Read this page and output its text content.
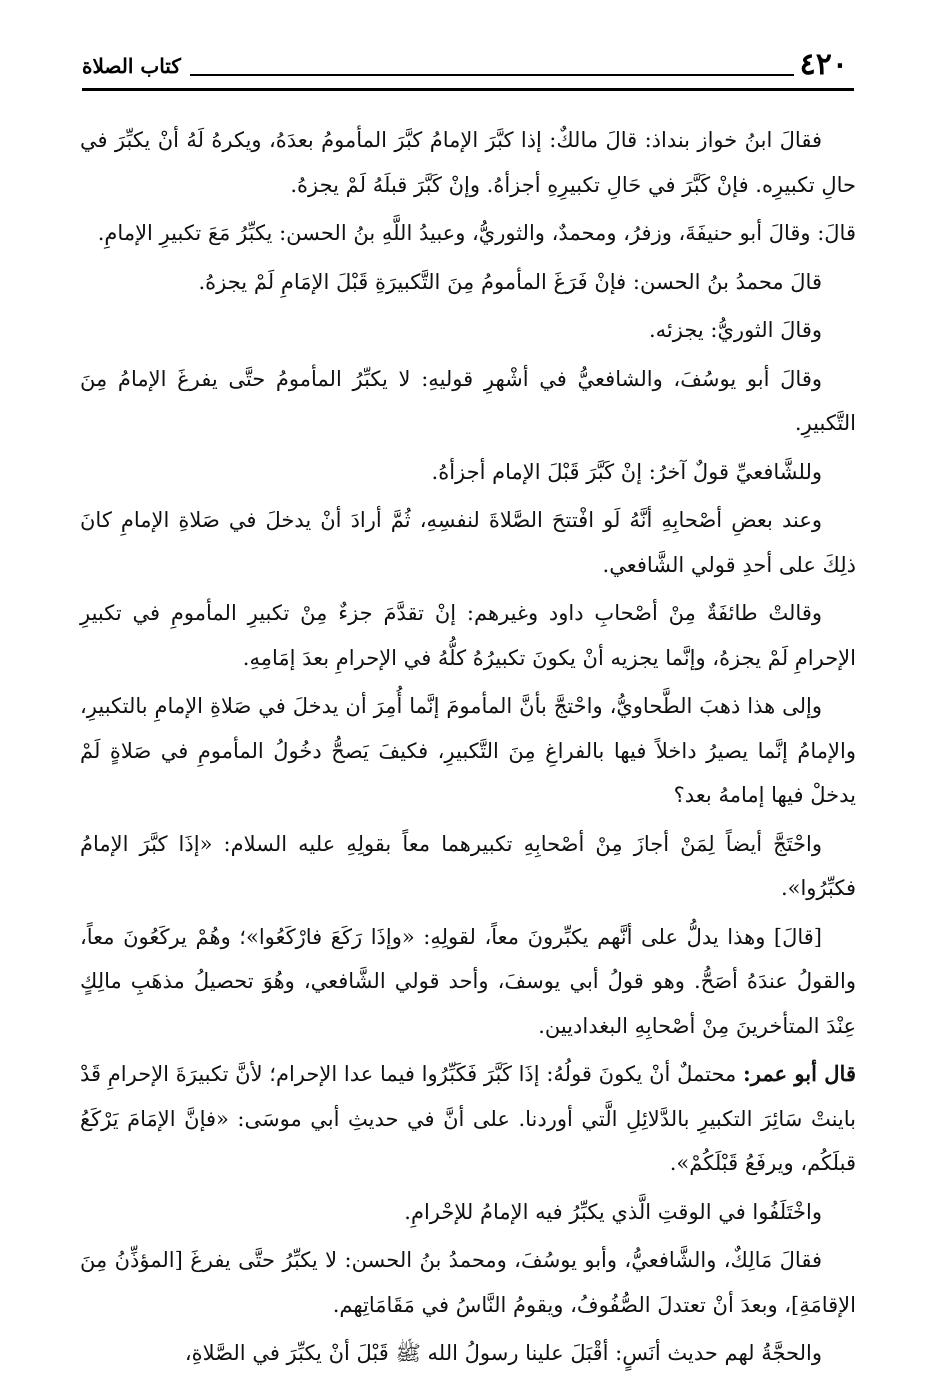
٤٢٠
كتاب الصلاة

فقالَ ابنُ خواز بنداذ: قالَ مالكٌ: إذا كبَّرَ الإمامُ كبَّرَ المأمومُ بعدَهُ، ويكرهُ لَهُ أنْ يكبِّرَ في حالِ تكبيرِه. فإنْ كَبَّرَ في حَالِ تكبيرِهِ أجزأهُ. وإنْ كَبَّرَ قبلَهُ لَمْ يجزهُ.

قالَ: وقالَ أبو حنيفَةَ، وزفرُ، ومحمدٌ، والثوريُّ، وعبيدُ اللَّهِ بنُ الحسن: يكبِّرُ مَعَ تكبيرِ الإمامِ.

قالَ محمدُ بنُ الحسن: فإنْ فَرَغَ المأمومُ مِنَ التَّكبيرَةِ قَبْلَ الإمَامِ لَمْ يجزهُ.

وقالَ الثوريُّ: يجزئه.

وقالَ أبو يوسُفَ، والشافعيُّ في أشْهرِ قوليهِ: لا يكبِّرُ المأمومُ حتَّى يفرغَ الإمامُ مِنَ التَّكبيرِ.

وللشَّافعيِّ قولٌ آخرُ: إنْ كَبَّرَ قَبْلَ الإمام أجزأهُ.

وعند بعضِ أصْحابِهِ أنَّهُ لَو افْتتحَ الصَّلاةَ لنفسِهِ، ثُمَّ أرادَ أنْ يدخلَ في صَلاةِ الإمامِ كانَ ذلِكَ على أحدِ قولي الشَّافعي.

وقالتْ طائفَةٌ مِنْ أصْحابِ داود وغيرهم: إنْ تقدَّمَ جزءٌ مِنْ تكبيرِ المأمومِ في تكبيرِ الإحرامِ لَمْ يجزهُ، وإنَّما يجزيه أنْ يكونَ تكبيرُهُ كلُّهُ في الإحرامِ بعدَ إمَامِهِ.

وإلى هذا ذهبَ الطَّحاويُّ، واحْتجَّ بأنَّ المأمومَ إنَّما أُمِرَ أن يدخلَ في صَلاةِ الإمامِ بالتكبيرِ، والإمامُ إنَّما يصيرُ داخلاً فيها بالفراغِ مِنَ التَّكبيرِ، فكيفَ يَصحُّ دخُولُ المأمومِ في صَلاةٍ لَمْ يدخلْ فيها إمامهُ بعد؟

واحْتَجَّ أيضاً لِمَنْ أجازَ مِنْ أصْحابِهِ تكبيرهما معاً بقولِهِ عليه السلام: «إذَا كبَّرَ الإمامُ فكبِّرُوا».

[قالَ] وهذا يدلُّ على أنَّهم يكبِّرونَ معاً، لقولِهِ: «وإذَا رَكَعَ فارْكَعُوا»؛ وهُمْ يركَعُونَ معاً، والقولُ عندَهُ أصَحُّ. وهو قولُ أبي يوسفَ، وأحد قولي الشَّافعي، وهُوَ تحصيلُ مذهَبِ مالِكٍ عِنْدَ المتأخرينَ مِنْ أصْحابِهِ البغداديين.

قال أبو عمر: محتملٌ أنْ يكونَ قولُهُ: إذَا كَبَّرَ فَكَبِّرُوا فيما عدا الإحرام؛ لأنَّ تكبيرَةَ الإحرامِ قَدْ باينتْ سَائِرَ التكبيرِ بالدَّلائِلِ الَّتي أوردنا. على أنَّ في حديثِ أبي موسَى: «فإنَّ الإمَامَ يَرْكَعُ قبلَكُم، ويرفَعُ قَبْلَكُمْ».

واخْتَلَفُوا في الوقتِ الَّذي يكبِّرُ فيه الإمامُ للإحْرامِ.

فقالَ مَالِكٌ، والشَّافعيُّ، وأبو يوسُفَ، ومحمدُ بنُ الحسن: لا يكبِّرُ حتَّى يفرغَ [المؤذِّنُ مِنَ الإقامَةِ]، وبعدَ أنْ تعتدلَ الصُّفُوفُ، ويقومُ النَّاسُ في مَقَامَاتِهم.

والحجَّةُ لهم حديث أنَسٍ: أقْبَلَ علينا رسولُ الله ﷺ قَبْلَ أنْ يكبِّرَ في الصَّلاةِ،
